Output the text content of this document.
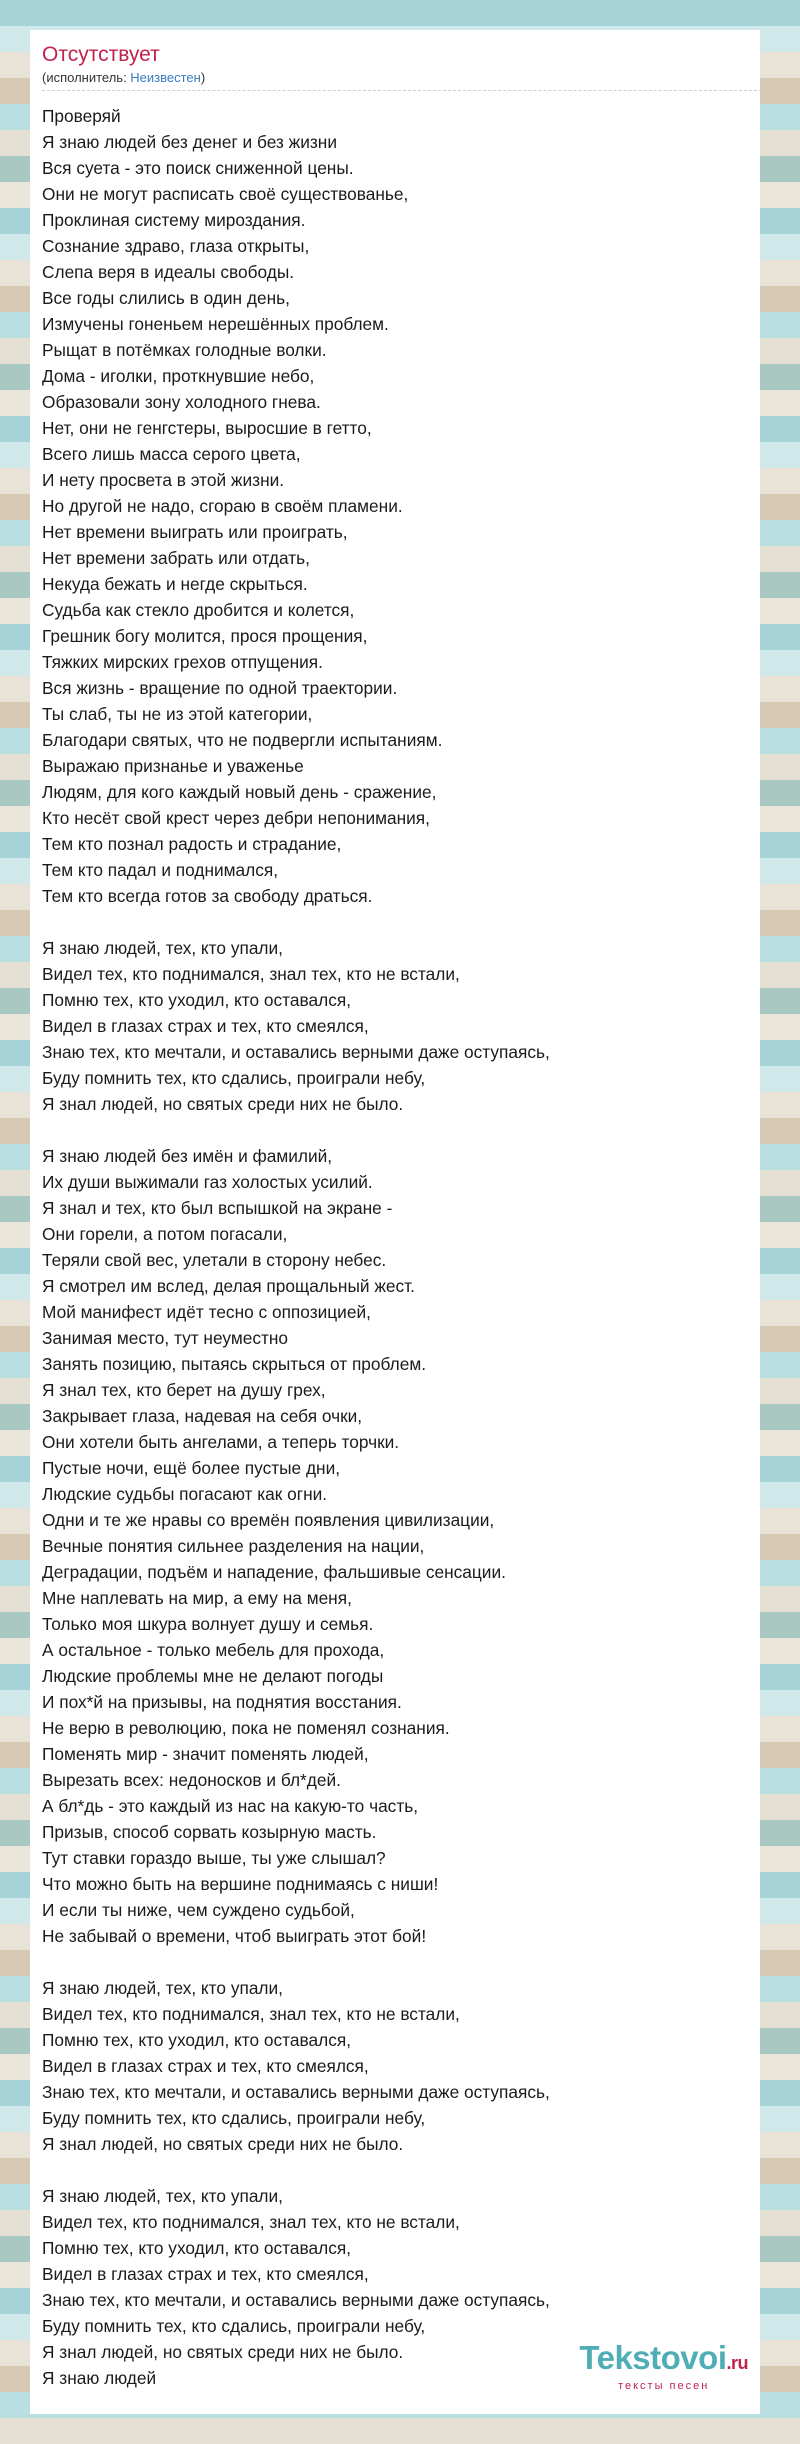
Отсутствует
(исполнитель: Неизвестен)
Проверяй
Я знаю людей без денег и без жизни
Вся суета - это поиск сниженной цены.
Они не могут расписать своё существованье,
Проклиная систему мироздания.
Сознание здраво, глаза открыты,
Слепа веря в идеалы свободы.
Все годы слились в один день,
Измучены гоненьем нерешённых проблем.
Рыщат в потёмках голодные волки.
Дома - иголки, проткнувшие небо,
Образовали зону холодного гнева.
Нет, они не генгстеры, выросшие в гетто,
Всего лишь масса серого цвета,
И нету просвета в этой жизни.
Но другой не надо, сгораю в своём пламени.
Нет времени выиграть или проиграть,
Нет времени забрать или отдать,
Некуда бежать и негде скрыться.
Судьба как стекло дробится и колется,
Грешник богу молится, прося прощения,
Тяжких мирских грехов отпущения.
Вся жизнь - вращение по одной траектории.
Ты слаб, ты не из этой категории,
Благодари святых, что не подвергли испытаниям.
Выражаю признанье и уваженье
Людям, для кого каждый новый день - сражение,
Кто несёт свой крест через дебри непонимания,
Тем кто познал радость и страдание,
Тем кто падал и поднимался,
Тем кто всегда готов за свободу драться.
Я знаю людей, тех, кто упали,
Видел тех, кто поднимался, знал тех, кто не встали,
Помню тех, кто уходил, кто оставался,
Видел в глазах страх и тех, кто смеялся,
Знаю тех, кто мечтали, и оставались верными даже оступаясь,
Буду помнить тех, кто сдались, проиграли небу,
Я знал людей, но святых среди них не было.
Я знаю людей без имён и фамилий,
Их души выжимали газ холостых усилий.
Я знал и тех, кто был вспышкой на экране -
Они горели, а потом погасали,
Теряли свой вес, улетали в сторону небес.
Я смотрел им вслед, делая прощальный жест.
Мой манифест идёт тесно с оппозицией,
Занимая место, тут неуместно
Занять позицию, пытаясь скрыться от проблем.
Я знал тех, кто берет на душу грех,
Закрывает глаза, надевая на себя очки,
Они хотели быть ангелами, а теперь торчки.
Пустые ночи, ещё более пустые дни,
Людские судьбы погасают как огни.
Одни и те же нравы со времён появления цивилизации,
Вечные понятия сильнее разделения на нации,
Деградации, подъём и нападение, фальшивые сенсации.
Мне наплевать на мир, а ему на меня,
Только моя шкура волнует душу и семья.
А остальное - только мебель для прохода,
Людские проблемы мне не делают погоды
И пох*й на призывы, на поднятия восстания.
Не верю в революцию, пока не поменял сознания.
Поменять мир - значит поменять людей,
Вырезать всех: недоносков и бл*дей.
А бл*дь - это каждый из нас на какую-то часть,
Призыв, способ сорвать козырную масть.
Тут ставки гораздо выше, ты уже слышал?
Что можно быть на вершине поднимаясь с ниши!
И если ты ниже, чем суждено судьбой,
Не забывай о времени, чтоб выиграть этот бой!
Я знаю людей, тех, кто упали,
Видел тех, кто поднимался, знал тех, кто не встали,
Помню тех, кто уходил, кто оставался,
Видел в глазах страх и тех, кто смеялся,
Знаю тех, кто мечтали, и оставались верными даже оступаясь,
Буду помнить тех, кто сдались, проиграли небу,
Я знал людей, но святых среди них не было.
Я знаю людей, тех, кто упали,
Видел тех, кто поднимался, знал тех, кто не встали,
Помню тех, кто уходил, кто оставался,
Видел в глазах страх и тех, кто смеялся,
Знаю тех, кто мечтали, и оставались верными даже оступаясь,
Буду помнить тех, кто сдались, проиграли небу,
Я знал людей, но святых среди них не было.
Я знаю людей
Tekstovoi.ru
тексты песен
